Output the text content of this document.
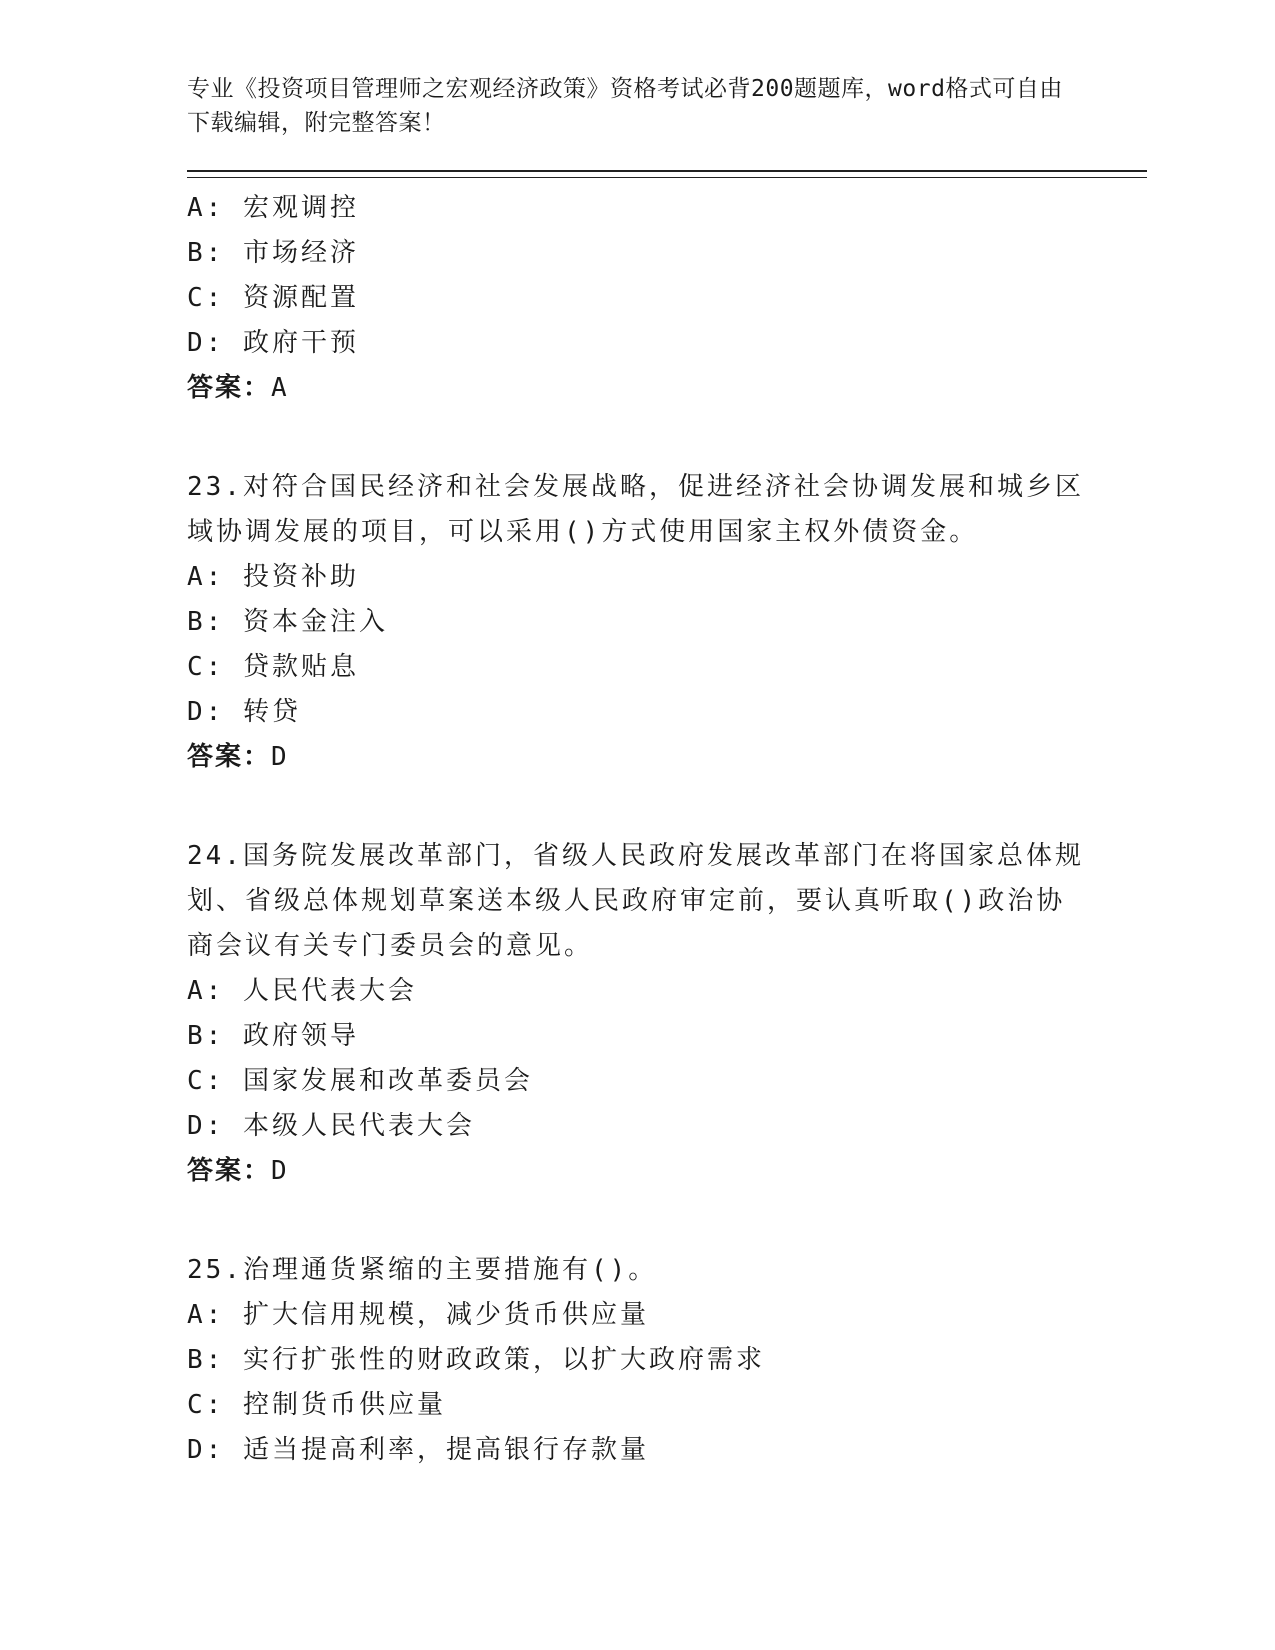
专业《投资项目管理师之宏观经济政策》资格考试必背200题题库，word格式可自由下载编辑，附完整答案！
A: 宏观调控
B: 市场经济
C: 资源配置
D: 政府干预
答案：A
23.对符合国民经济和社会发展战略，促进经济社会协调发展和城乡区域协调发展的项目，可以采用()方式使用国家主权外债资金。
A: 投资补助
B: 资本金注入
C: 贷款贴息
D: 转贷
答案：D
24.国务院发展改革部门，省级人民政府发展改革部门在将国家总体规划、省级总体规划草案送本级人民政府审定前，要认真听取()政治协商会议有关专门委员会的意见。
A: 人民代表大会
B: 政府领导
C: 国家发展和改革委员会
D: 本级人民代表大会
答案：D
25.治理通货紧缩的主要措施有()。
A: 扩大信用规模，减少货币供应量
B: 实行扩张性的财政政策，以扩大政府需求
C: 控制货币供应量
D: 适当提高利率，提高银行存款量
